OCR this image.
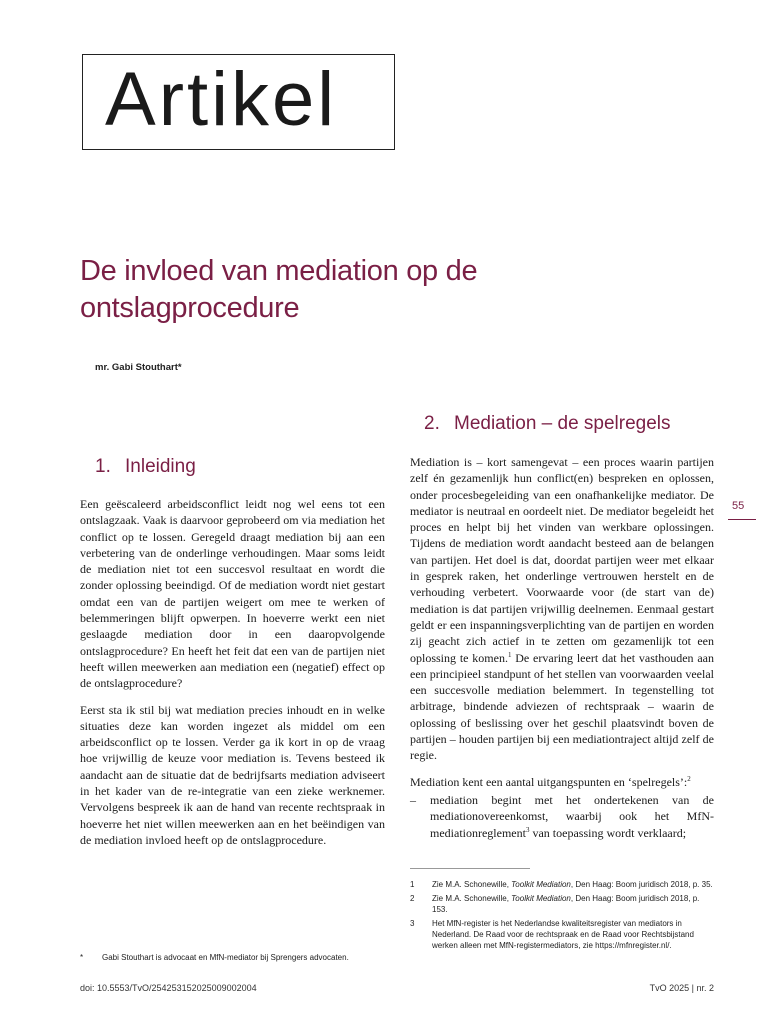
Artikel
De invloed van mediation op de ontslagprocedure
mr. Gabi Stouthart*
1. Inleiding
2. Mediation – de spelregels

Een geëscaleerd arbeidsconflict leidt nog wel eens tot een ontslagzaak. Vaak is daarvoor geprobeerd om via mediation het conflict op te lossen. Geregeld draagt mediation bij aan een verbetering van de onderlinge verhoudingen. Maar soms leidt de mediation niet tot een succesvol resultaat en wordt die zonder oplossing beeindigd. Of de mediation wordt niet gestart omdat een van de partijen weigert om mee te werken of belemmeringen blijft opwerpen. In hoeverre werkt een niet geslaagde mediation door in een daaropvolgende ontslagprocedure? En heeft het feit dat een van de partijen niet heeft willen meewerken aan mediation een (negatief) effect op de ontslagprocedure?

Eerst sta ik stil bij wat mediation precies inhoudt en in welke situaties deze kan worden ingezet als middel om een arbeidsconflict op te lossen. Verder ga ik kort in op de vraag hoe vrijwillig de keuze voor mediation is. Tevens besteed ik aandacht aan de situatie dat de bedrijfsarts mediation adviseert in het kader van de re-integratie van een zieke werknemer. Vervolgens bespreek ik aan de hand van recente rechtspraak in hoeverre het niet willen meewerken aan en het beëindigen van de mediation invloed heeft op de ontslagprocedure.

Mediation is – kort samengevat – een proces waarin partijen zelf én gezamenlijk hun conflict(en) bespreken en oplossen, onder procesbegeleiding van een onafhankelijke mediator. De mediator is neutraal en oordeelt niet. De mediator begeleidt het proces en helpt bij het vinden van werkbare oplossingen. Tijdens de mediation wordt aandacht besteed aan de belangen van partijen. Het doel is dat, doordat partijen weer met elkaar in gesprek raken, het onderlinge vertrouwen herstelt en de verhouding verbetert. Voorwaarde voor (de start van de) mediation is dat partijen vrijwillig deelnemen. Eenmaal gestart geldt er een inspanningsverplichting van de partijen en worden zij geacht zich actief in te zetten om gezamenlijk tot een oplossing te komen.$^1$ De ervaring leert dat het vasthouden aan een principieel standpunt of het stellen van voorwaarden veelal een succesvolle mediation belemmert. In tegenstelling tot arbitrage, bindende adviezen of rechtspraak – waarin de oplossing of beslissing over het geschil plaatsvindt boven de partijen – houden partijen bij een mediationtraject altijd zelf de regie.

Mediation kent een aantal uitgangspunten en ‘spelregels’:$^2$

–	mediation begint met het ondertekenen van de mediationovereenkomst, waarbij ook het MfN- mediationreglement$^3$ van toepassing wordt verklaard;
55
1	Zie M.A. Schonewille, Toolkit Mediation, Den Haag: Boom juridisch 2018, p. 35.
2	Zie M.A. Schonewille, Toolkit Mediation, Den Haag: Boom juridisch 2018, p. 153.
3	Het MfN-register is het Nederlandse kwaliteitsregister van mediators in Nederland. De Raad voor de rechtspraak en de Raad voor Rechtsbijstand werken alleen met MfN-registermediators, zie https://mfnregister.nl/.
*	Gabi Stouthart is advocaat en MfN-mediator bij Sprengers advocaten.
doi: 10.5553/TvO/254253152025009002004	TvO 2025 | nr. 2
